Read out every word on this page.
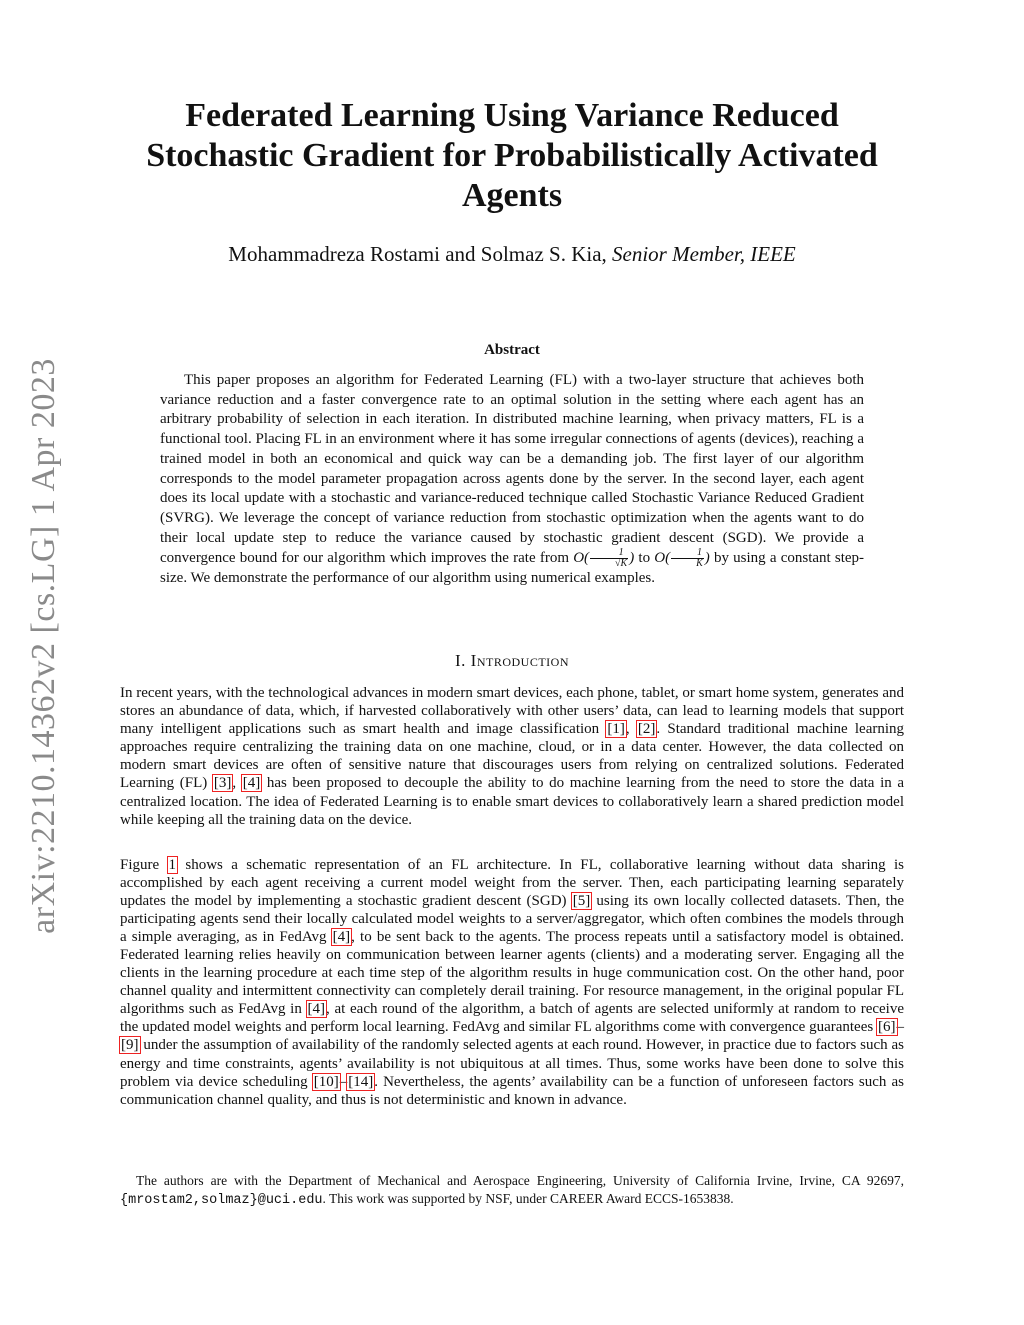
arXiv:2210.14362v2 [cs.LG] 1 Apr 2023
Federated Learning Using Variance Reduced
Stochastic Gradient for Probabilistically Activated
Agents
Mohammadreza Rostami and Solmaz S. Kia, Senior Member, IEEE
Abstract

This paper proposes an algorithm for Federated Learning (FL) with a two-layer structure that achieves both variance reduction and a faster convergence rate to an optimal solution in the setting where each agent has an arbitrary probability of selection in each iteration. In distributed machine learning, when privacy matters, FL is a functional tool. Placing FL in an environment where it has some irregular connections of agents (devices), reaching a trained model in both an economical and quick way can be a demanding job. The first layer of our algorithm corresponds to the model parameter propagation across agents done by the server. In the second layer, each agent does its local update with a stochastic and variance-reduced technique called Stochastic Variance Reduced Gradient (SVRG). We leverage the concept of variance reduction from stochastic optimization when the agents want to do their local update step to reduce the variance caused by stochastic gradient descent (SGD). We provide a convergence bound for our algorithm which improves the rate from $O( \frac{1}{√K}$ ) to $O( \frac{1}{K}$ ) by using a constant step-size. We demonstrate the performance of our algorithm using numerical examples.

I. Introduction

In recent years, with the technological advances in modern smart devices, each phone, tablet, or smart home system, generates and stores an abundance of data, which, if harvested collaboratively with other users’ data, can lead to learning models that support many intelligent applications such as smart health and image classification [1], [2]. Standard traditional machine learning approaches require centralizing the training data on one machine, cloud, or in a data center. However, the data collected on modern smart devices are often of sensitive nature that discourages users from relying on centralized solutions. Federated Learning (FL) [3], [4] has been proposed to decouple the ability to do machine learning from the need to store the data in a centralized location. The idea of Federated Learning is to enable smart devices to collaboratively learn a shared prediction model while keeping all the training data on the device.

Figure 1 shows a schematic representation of an FL architecture. In FL, collaborative learning without data sharing is accomplished by each agent receiving a current model weight from the server. Then, each participating learning separately updates the model by implementing a stochastic gradient descent (SGD) [5] using its own locally collected datasets. Then, the participating agents send their locally calculated model weights to a server/aggregator, which often combines the models through a simple averaging, as in FedAvg [4], to be sent back to the agents. The process repeats until a satisfactory model is obtained. Federated learning relies heavily on communication between learner agents (clients) and a moderating server. Engaging all the clients in the learning procedure at each time step of the algorithm results in huge communication cost. On the other hand, poor channel quality and intermittent connectivity can completely derail training. For resource management, in the original popular FL algorithms such as FedAvg in [4], at each round of the algorithm, a batch of agents are selected uniformly at random to receive the updated model weights and perform local learning. FedAvg and similar FL algorithms come with convergence guarantees [6]–[9] under the assumption of availability of the randomly selected agents at each round. However, in practice due to factors such as energy and time constraints, agents’ availability is not ubiquitous at all times. Thus, some works have been done to solve this problem via device scheduling [10]–[14]. Nevertheless, the agents’ availability can be a function of unforeseen factors such as communication channel quality, and thus is not deterministic and known in advance.

The authors are with the Department of Mechanical and Aerospace Engineering, University of California Irvine, Irvine, CA 92697, {mrostam2,solmaz}@uci.edu. This work was supported by NSF, under CAREER Award ECCS-1653838.
